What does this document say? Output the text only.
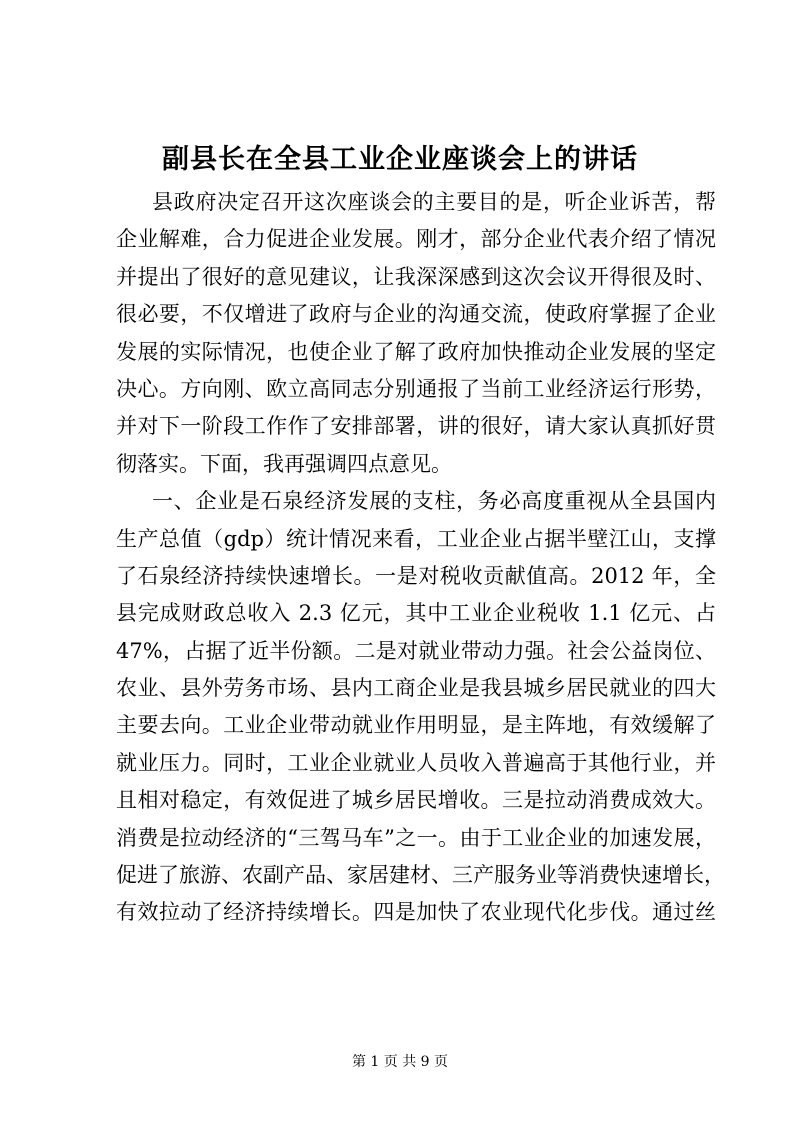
副县长在全县工业企业座谈会上的讲话
县政府决定召开这次座谈会的主要目的是，听企业诉苦，帮
企业解难，合力促进企业发展。刚才，部分企业代表介绍了情况
并提出了很好的意见建议，让我深深感到这次会议开得很及时、
很必要，不仅增进了政府与企业的沟通交流，使政府掌握了企业
发展的实际情况，也使企业了解了政府加快推动企业发展的坚定
决心。方向刚、欧立高同志分别通报了当前工业经济运行形势，
并对下一阶段工作作了安排部署，讲的很好，请大家认真抓好贯
彻落实。下面，我再强调四点意见。
一、企业是石泉经济发展的支柱，务必高度重视从全县国内
生产总值（gdp）统计情况来看，工业企业占据半壁江山，支撑
了石泉经济持续快速增长。一是对税收贡献值高。2012 年，全
县完成财政总收入 2.3 亿元，其中工业企业税收 1.1 亿元、占
47%，占据了近半份额。二是对就业带动力强。社会公益岗位、
农业、县外劳务市场、县内工商企业是我县城乡居民就业的四大
主要去向。工业企业带动就业作用明显，是主阵地，有效缓解了
就业压力。同时，工业企业就业人员收入普遍高于其他行业，并
且相对稳定，有效促进了城乡居民增收。三是拉动消费成效大。
消费是拉动经济的“三驾马车”之一。由于工业企业的加速发展，
促进了旅游、农副产品、家居建材、三产服务业等消费快速增长，
有效拉动了经济持续增长。四是加快了农业现代化步伐。通过丝
第 1 页 共 9 页
